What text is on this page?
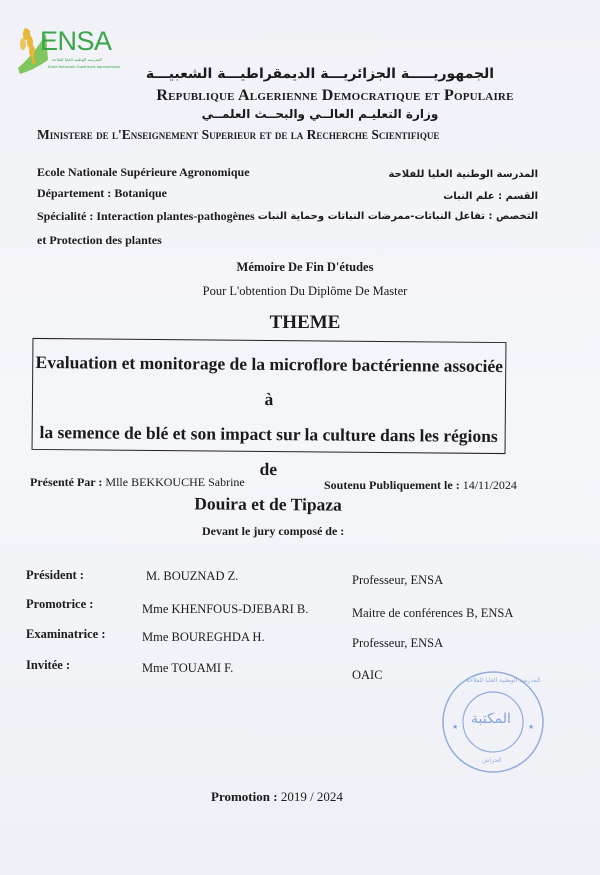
ENSA
المدرسة الوطنية العليا للفلاحة
Ecole Nationale Supérieure Agronomique	الجمهوريـــــة الجزائريـــة الديمقراطيـــة الشعبيـــة
Republique Algerienne Democratique et Populaire
وزارة التعليـم العالــي والبحــث العلمــي
Ministere de l'Enseignement Superieur et de la Recherche Scientifique
Ecole Nationale Supérieure Agronomique
Département : Botanique
Spécialité : Interaction plantes-pathogènes
et Protection des plantes
المدرسة الوطنية العليا للفلاحة
القسم : علم النبات
التخصص : تفاعل النباتات-ممرضات النباتات وحماية النبات
Mémoire De Fin D'études
Pour L'obtention Du Diplôme De Master
THEME
Evaluation et monitorage de la microflore bactérienne associée à
la semence de blé et son impact sur la culture dans les régions de
Douira et de Tipaza
Présenté Par : Mlle BEKKOUCHE Sabrine	Soutenu Publiquement le : 14/11/2024
Devant le jury composé de :
Président :	M. BOUZNAD Z.	Professeur, ENSA
Promotrice :	Mme KHENFOUS-DJEBARI B.	Maitre de conférences B, ENSA
Examinatrice :	Mme BOUREGHDA H.	Professeur, ENSA
Invitée :	Mme TOUAMI F.	OAIC
★	★
المكتبة
المدرسة الوطنية العليا للفلاحة
الحراش
Promotion : 2019 / 2024
